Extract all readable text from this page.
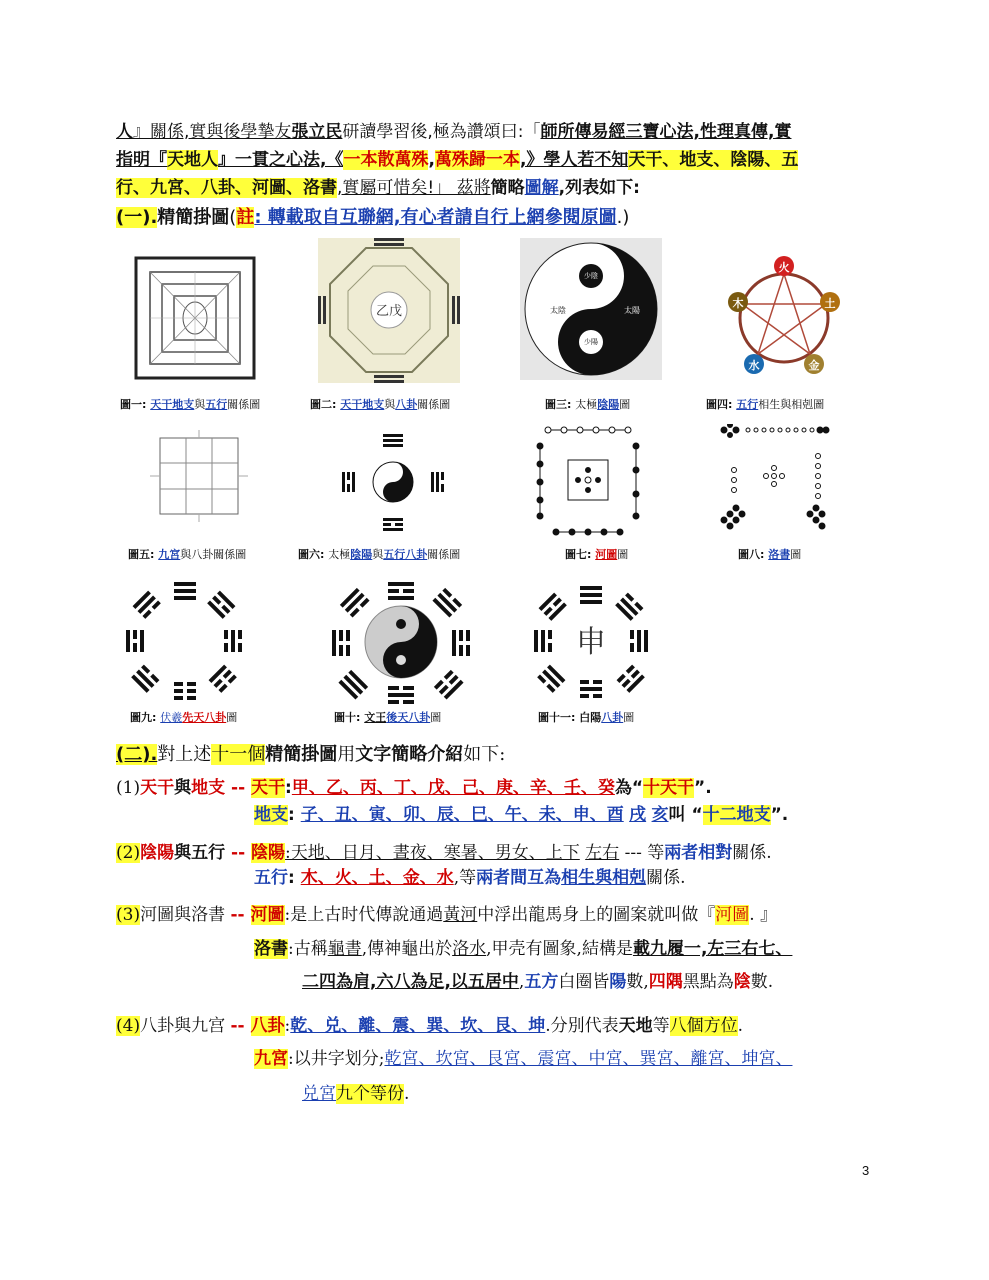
人』關係,實與後學摯友張立民研讀學習後,極為讚頌曰:「師所傳易經三寶心法,性理真傳,實
指明『天地人』一貫之心法,《一本散萬殊,萬殊歸一本,》學人若不知天干、地支、陰陽、五
行、九宮、八卦、河圖、洛書,實屬可惜矣!」 茲將簡略圖解,列表如下:
(一).精簡掛圖(註: 轉載取自互聯網,有心者請自行上網參閱原圖.)
乙戊	太陰	太陽
少陰
少陽
火
木	土
水	金
圖一: 天干地支與五行關係圖	圖二: 天干地支與八卦關係圖	圖三: 太極陰陽圖	圖四: 五行相生與相剋圖
圖五: 九宮與八卦關係圖	圖六: 太極陰陽與五行八卦關係圖	圖七: 河圖圖	圖八: 洛書圖
申
圖九: 伏羲先天八卦圖	圖十: 文王後天八卦圖	圖十一: 白陽八卦圖
(二).對上述十一個精簡掛圖用文字簡略介紹如下:
(1)天干與地支 -- 天干:甲、乙、丙、丁、戊、己、庚、辛、壬、癸為“十天干”.
地支: 子、丑、寅、卯、辰、巳、午、未、申、酉 戌 亥叫 “十二地支”.
(2)陰陽與五行 -- 陰陽:天地、日月、晝夜、寒暑、男女、上下 左右 --- 等兩者相對關係.
五行: 木、火、土、金、水,等兩者間互為相生與相剋關係.
(3)河圖與洛書 -- 河圖:是上古时代傳說通過黃河中浮出龍馬身上的圖案就叫做『河圖. 』
洛書:古稱龜書,傳神龜出於洛水,甲壳有圖象,結構是載九履一,左三右七、
二四為肩,六八為足,以五居中,五方白圈皆陽數,四隅黑點為陰數.
(4)八卦與九宫 -- 八卦:乾、兑、離、震、巽、坎、艮、坤.分別代表天地等八個方位.
九宮:以井字划分;乾宮、坎宮、艮宮、震宮、中宮、巽宮、離宮、坤宮、
兑宮九个等份.
3
